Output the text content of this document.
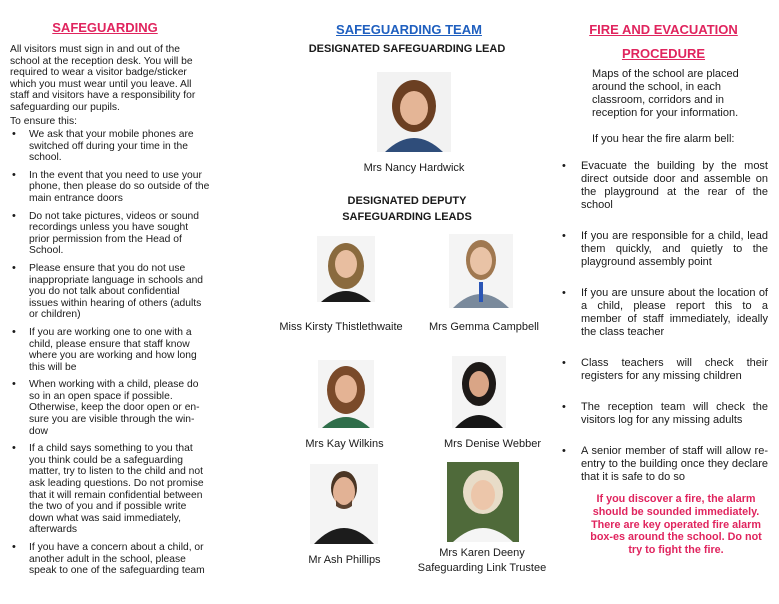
SAFEGUARDING
All visitors must sign in and out of the school at the reception desk. You will be required to wear a visitor badge/sticker which you must wear until you leave. All staff and visitors have a responsibility for safeguarding our pupils.
To ensure this:
• We ask that your mobile phones are switched off during your time in the school.
• In the event that you need to use your phone, then please do so outside of the main entrance doors
• Do not take pictures, videos or sound recordings unless you have sought prior permission from the Head of School.
• Please ensure that you do not use inappropriate language in schools and you do not talk about confidential issues within hearing of others (adults or children)
• If you are working one to one with a child, please ensure that staff know where you are working and how long this will be
• When working with a child, please do so in an open space if possible. Otherwise, keep the door open or en-sure you are visible through the win-dow
• If a child says something to you that you think could be a safeguarding matter, try to listen to the child and not ask leading questions. Do not promise that it will remain confidential between the two of you and if possible write down what was said immediately, afterwards
• If you have a concern about a child, or another adult in the school, please speak to one of the safeguarding team
SAFEGUARDING TEAM
DESIGNATED SAFEGUARDING LEAD
Mrs Nancy Hardwick
DESIGNATED DEPUTY SAFEGUARDING LEADS
Miss Kirsty Thistlethwaite	Mrs Gemma Campbell
Mrs Kay Wilkins	Mrs Denise Webber
Mr Ash Phillips
Mrs Karen Deeny
Safeguarding Link Trustee
FIRE AND EVACUATION PROCEDURE
Maps of the school are placed around the school, in each classroom, corridors and in reception for your information.
If you hear the fire alarm bell:
• Evacuate the building by the most direct outside door and assemble on the playground at the rear of the school
• If you are responsible for a child, lead them quickly, and quietly to the playground assembly point
• If you are unsure about the location of a child, please report this to a member of staff immediately, ideally the class teacher
• Class teachers will check their registers for any missing children
• The reception team will check the visitors log for any missing adults
• A senior member of staff will allow re-entry to the building once they declare that it is safe to do so
If you discover a fire, the alarm should be sounded immediately. There are key operated fire alarm box-es around the school. Do not try to fight the fire.
